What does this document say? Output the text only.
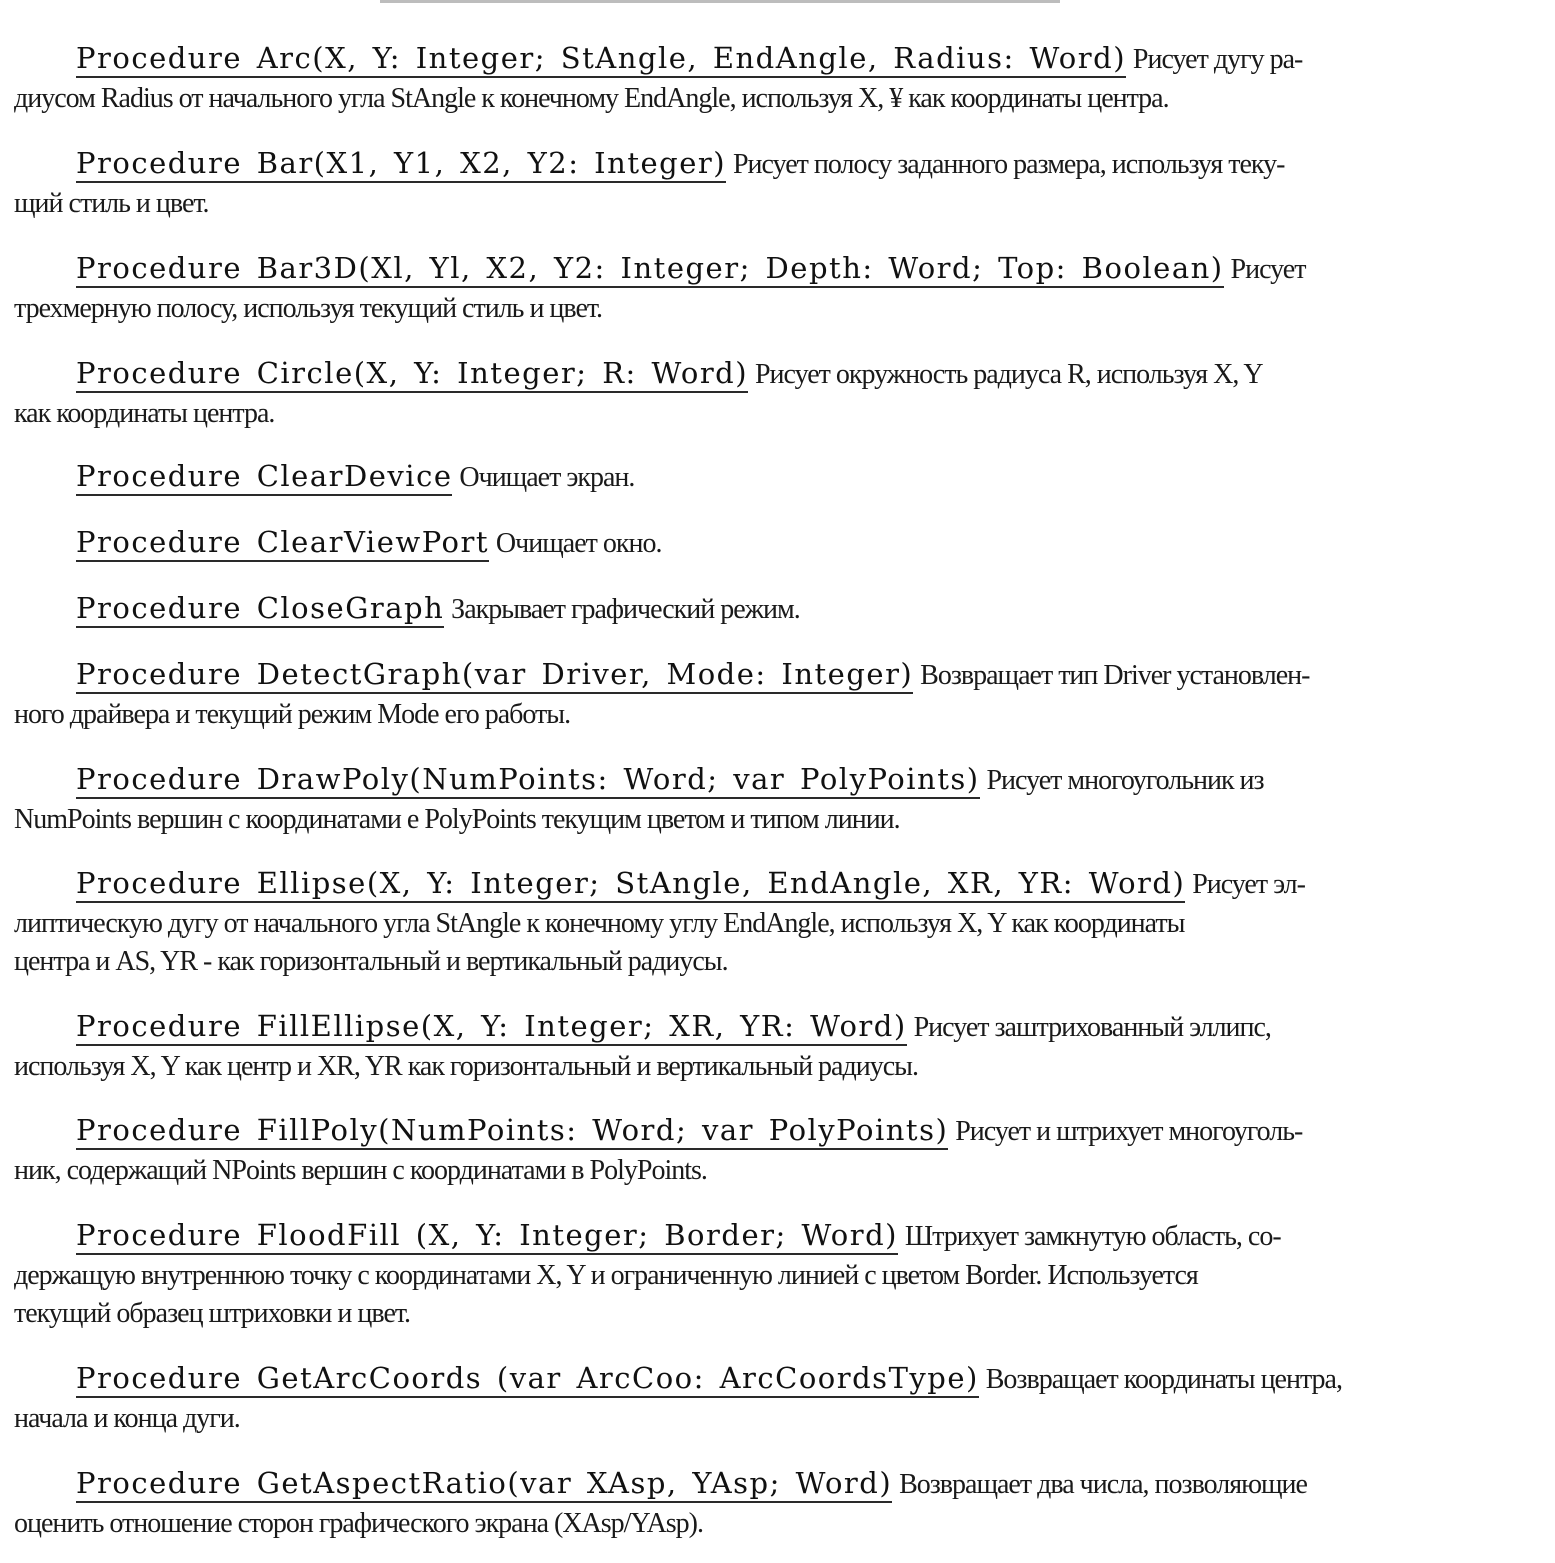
Procedure Arc(X, Y: Integer; StAngle, EndAngle, Radius: Word) Рисует дугу ра-
диусом Radius от начального угла StAngle к конечному EndAngle, используя X, ¥ как координаты центра.
Procedure Bar(X1, Y1, X2, Y2: Integer) Рисует полосу заданного размера, используя теку-
щий стиль и цвет.
Procedure Bar3D(Xl, Yl, X2, Y2: Integer; Depth: Word; Top: Boolean) Рисует
трехмерную полосу, используя текущий стиль и цвет.
Procedure Circle(X, Y: Integer; R: Word) Рисует окружность радиуса R, используя X, Y
как координаты центра.
Procedure ClearDevice Очищает экран.
Procedure ClearViewPort Очищает окно.
Procedure CloseGraph Закрывает графический режим.
Procedure DetectGraph(var Driver, Mode: Integer) Возвращает тип Driver установлен-
ного драйвера и текущий режим Mode его работы.
Procedure DrawPoly(NumPoints: Word; var PolyPoints) Рисует многоугольник из
NumPoints вершин с координатами e PolyPoints текущим цветом и типом линии.
Procedure Ellipse(X, Y: Integer; StAngle, EndAngle, XR, YR: Word) Рисует эл-
липтическую дугу от начального угла StAngle к конечному углу EndAngle, используя X, Y как координаты
центра и AS, YR - как горизонтальный и вертикальный радиусы.
Procedure FillEllipse(X, Y: Integer; XR, YR: Word) Рисует заштрихованный эллипс,
используя X, Y как центр и XR, YR как горизонтальный и вертикальный радиусы.
Procedure FillPoly(NumPoints: Word; var PolyPoints) Рисует и штрихует многоуголь-
ник, содержащий NPoints вершин с координатами в PolyPoints.
Procedure FloodFill (X, Y: Integer; Border; Word) Штрихует замкнутую область, со-
держащую внутреннюю точку с координатами X, Y и ограниченную линией с цветом Border. Используется
текущий образец штриховки и цвет.
Procedure GetArcCoords (var ArcCoo: ArcCoordsType) Возвращает координаты центра,
начала и конца дуги.
Procedure GetAspectRatio(var XAsp, YAsp; Word) Возвращает два числа, позволяющие
оценить отношение сторон графического экрана (XAsp/YAsp).
